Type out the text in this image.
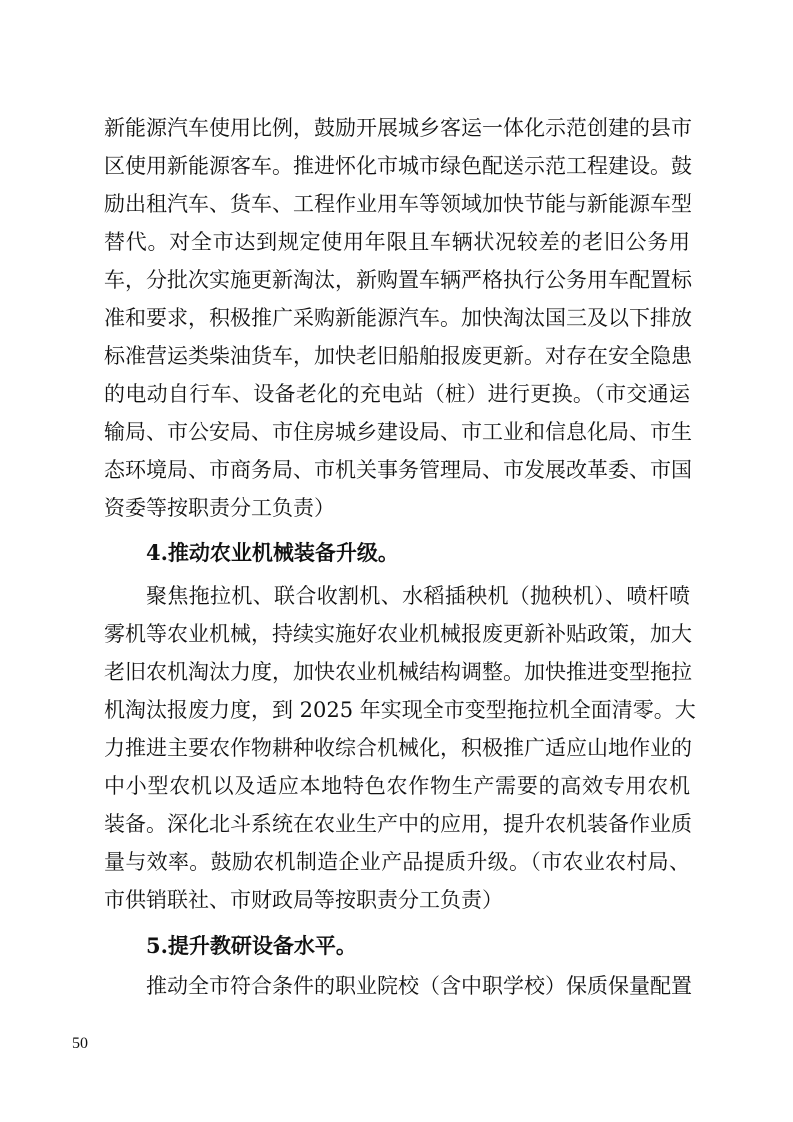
新能源汽车使用比例，鼓励开展城乡客运一体化示范创建的县市
区使用新能源客车。推进怀化市城市绿色配送示范工程建设。鼓
励出租汽车、货车、工程作业用车等领域加快节能与新能源车型
替代。对全市达到规定使用年限且车辆状况较差的老旧公务用
车，分批次实施更新淘汰，新购置车辆严格执行公务用车配置标
准和要求，积极推广采购新能源汽车。加快淘汰国三及以下排放
标准营运类柴油货车，加快老旧船舶报废更新。对存在安全隐患
的电动自行车、设备老化的充电站（桩）进行更换。（市交通运
输局、市公安局、市住房城乡建设局、市工业和信息化局、市生
态环境局、市商务局、市机关事务管理局、市发展改革委、市国
资委等按职责分工负责）
4.推动农业机械装备升级。
聚焦拖拉机、联合收割机、水稻插秧机（抛秧机）、喷杆喷
雾机等农业机械，持续实施好农业机械报废更新补贴政策，加大
老旧农机淘汰力度，加快农业机械结构调整。加快推进变型拖拉
机淘汰报废力度，到 2025 年实现全市变型拖拉机全面清零。大
力推进主要农作物耕种收综合机械化，积极推广适应山地作业的
中小型农机以及适应本地特色农作物生产需要的高效专用农机
装备。深化北斗系统在农业生产中的应用，提升农机装备作业质
量与效率。鼓励农机制造企业产品提质升级。（市农业农村局、
市供销联社、市财政局等按职责分工负责）
5.提升教研设备水平。
推动全市符合条件的职业院校（含中职学校）保质保量配置
50
